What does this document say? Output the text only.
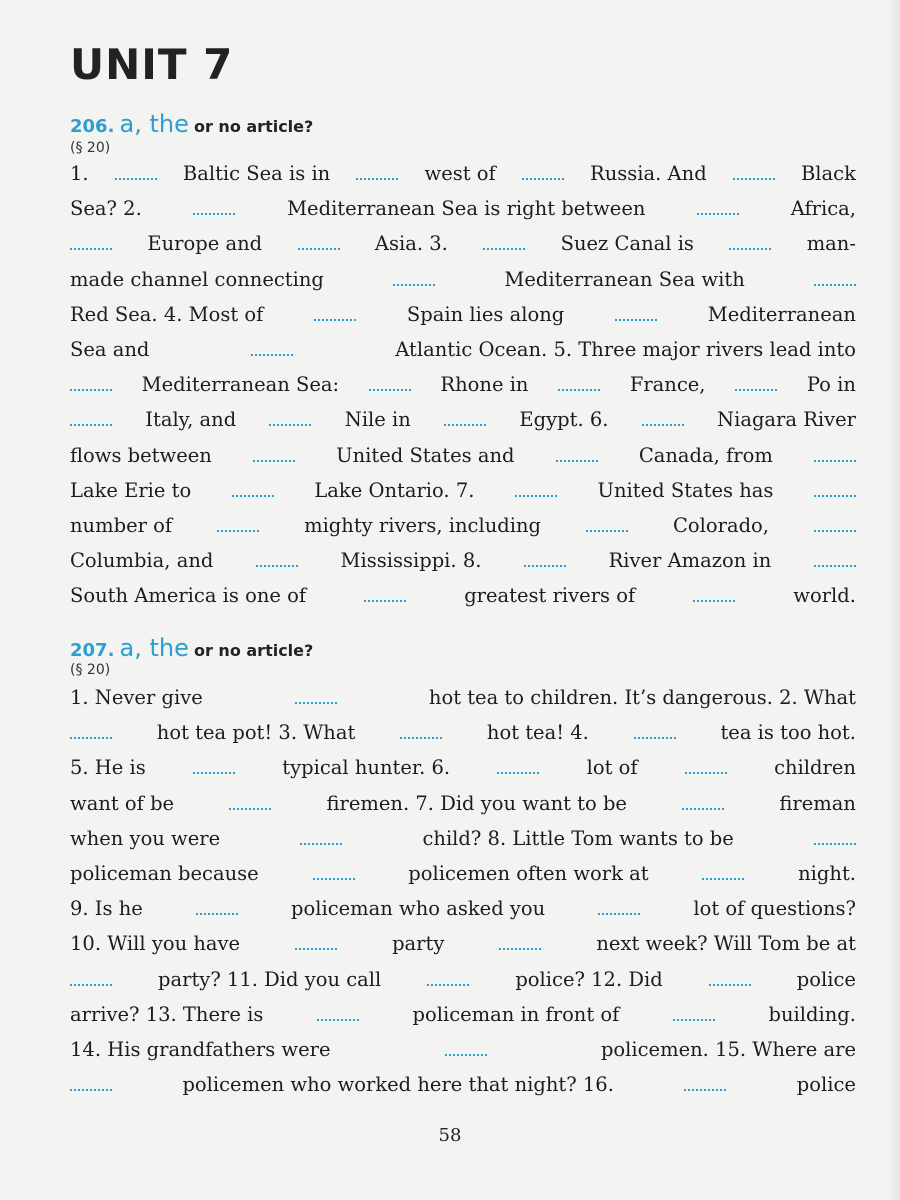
UNIT 7
206. a, the or no article?
(§ 20)
1.	Baltic Sea is in	west of	Russia. And	Black
Sea? 2.	Mediterranean Sea is right between	Africa,
Europe and	Asia. 3.	Suez Canal is	man-
made channel connecting	Mediterranean Sea with
Red Sea. 4. Most of	Spain lies along	Mediterranean
Sea and	Atlantic Ocean. 5. Three major rivers lead into
Mediterranean Sea:	Rhone in	France,	Po in
Italy, and	Nile in	Egypt. 6.	Niagara River
flows between	United States and	Canada, from
Lake Erie to	Lake Ontario. 7.	United States has
number of	mighty rivers, including	Colorado,
Columbia, and	Mississippi. 8.	River Amazon in
South America is one of	greatest rivers of	world.
207. a, the or no article?
(§ 20)
1. Never give	hot tea to children. It’s dangerous. 2. What
hot tea pot! 3. What	hot tea! 4.	tea is too hot.
5. He is	typical hunter. 6.	lot of	children
want of be	firemen. 7. Did you want to be	fireman
when you were	child? 8. Little Tom wants to be
policeman because	policemen often work at	night.
9. Is he	policeman who asked you	lot of questions?
10. Will you have	party	next week? Will Tom be at
party? 11. Did you call	police? 12. Did	police
arrive? 13. There is	policeman in front of	building.
14. His grandfathers were	policemen. 15. Where are
policemen who worked here that night? 16.	police
58
